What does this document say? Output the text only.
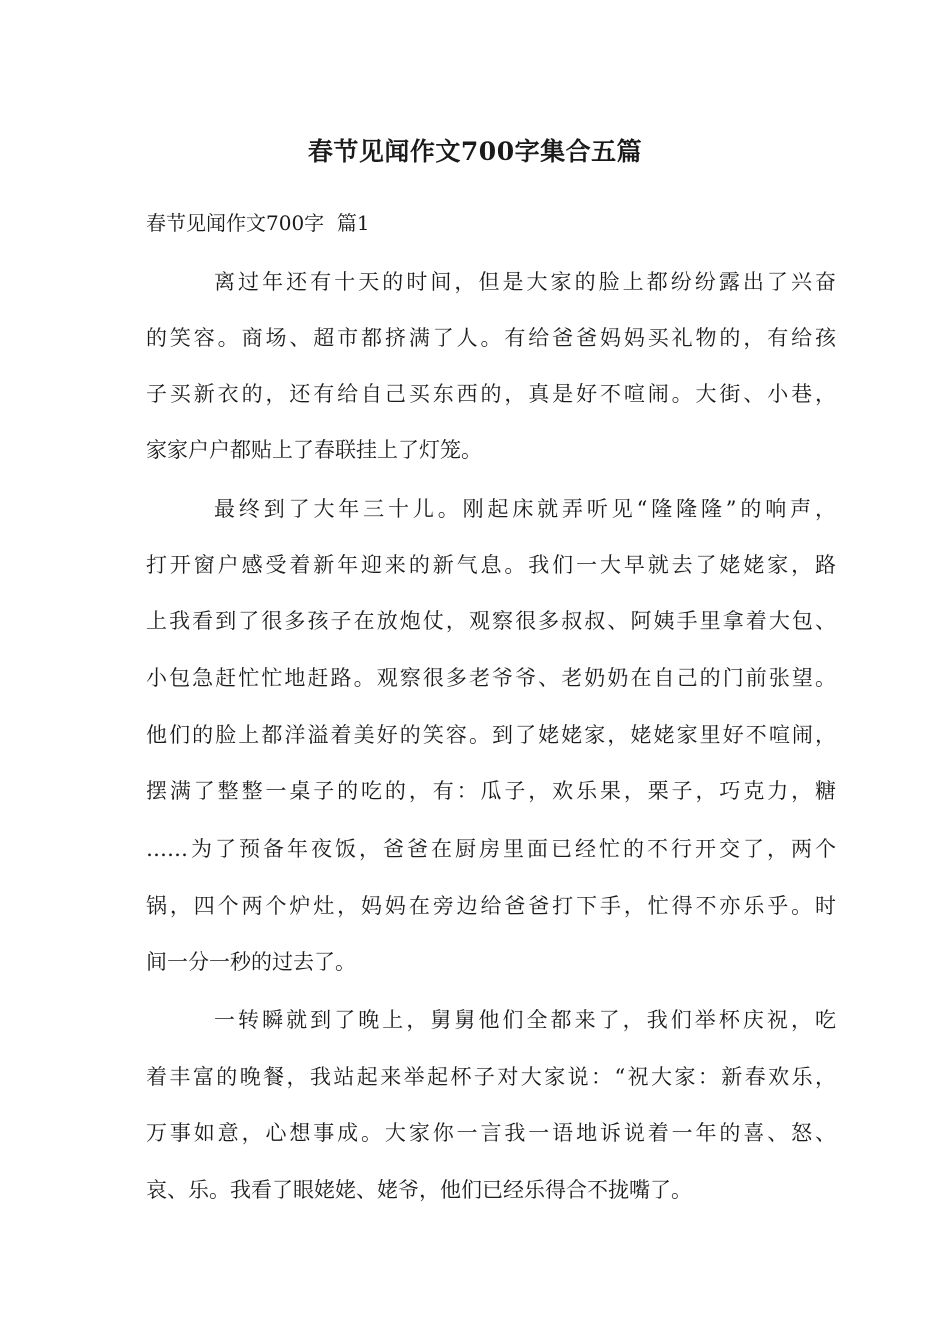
春节见闻作文700字集合五篇

春节见闻作文700字  篇1

离过年还有十天的时间，但是大家的脸上都纷纷露出了兴奋

的笑容。商场、超市都挤满了人。有给爸爸妈妈买礼物的，有给孩

子买新衣的，还有给自己买东西的，真是好不喧闹。大街、小巷，

家家户户都贴上了春联挂上了灯笼。

最终到了大年三十儿。刚起床就弄听见“隆隆隆”的响声，

打开窗户感受着新年迎来的新气息。我们一大早就去了姥姥家，路

上我看到了很多孩子在放炮仗，观察很多叔叔、阿姨手里拿着大包、

小包急赶忙忙地赶路。观察很多老爷爷、老奶奶在自己的门前张望。

他们的脸上都洋溢着美好的笑容。到了姥姥家，姥姥家里好不喧闹，

摆满了整整一桌子的吃的，有：瓜子，欢乐果，栗子，巧克力，糖

……为了预备年夜饭，爸爸在厨房里面已经忙的不行开交了，两个

锅，四个两个炉灶，妈妈在旁边给爸爸打下手，忙得不亦乐乎。时

间一分一秒的过去了。

一转瞬就到了晚上，舅舅他们全都来了，我们举杯庆祝，吃

着丰富的晚餐，我站起来举起杯子对大家说：“祝大家：新春欢乐，

万事如意，心想事成。大家你一言我一语地诉说着一年的喜、怒、

哀、乐。我看了眼姥姥、姥爷，他们已经乐得合不拢嘴了。
